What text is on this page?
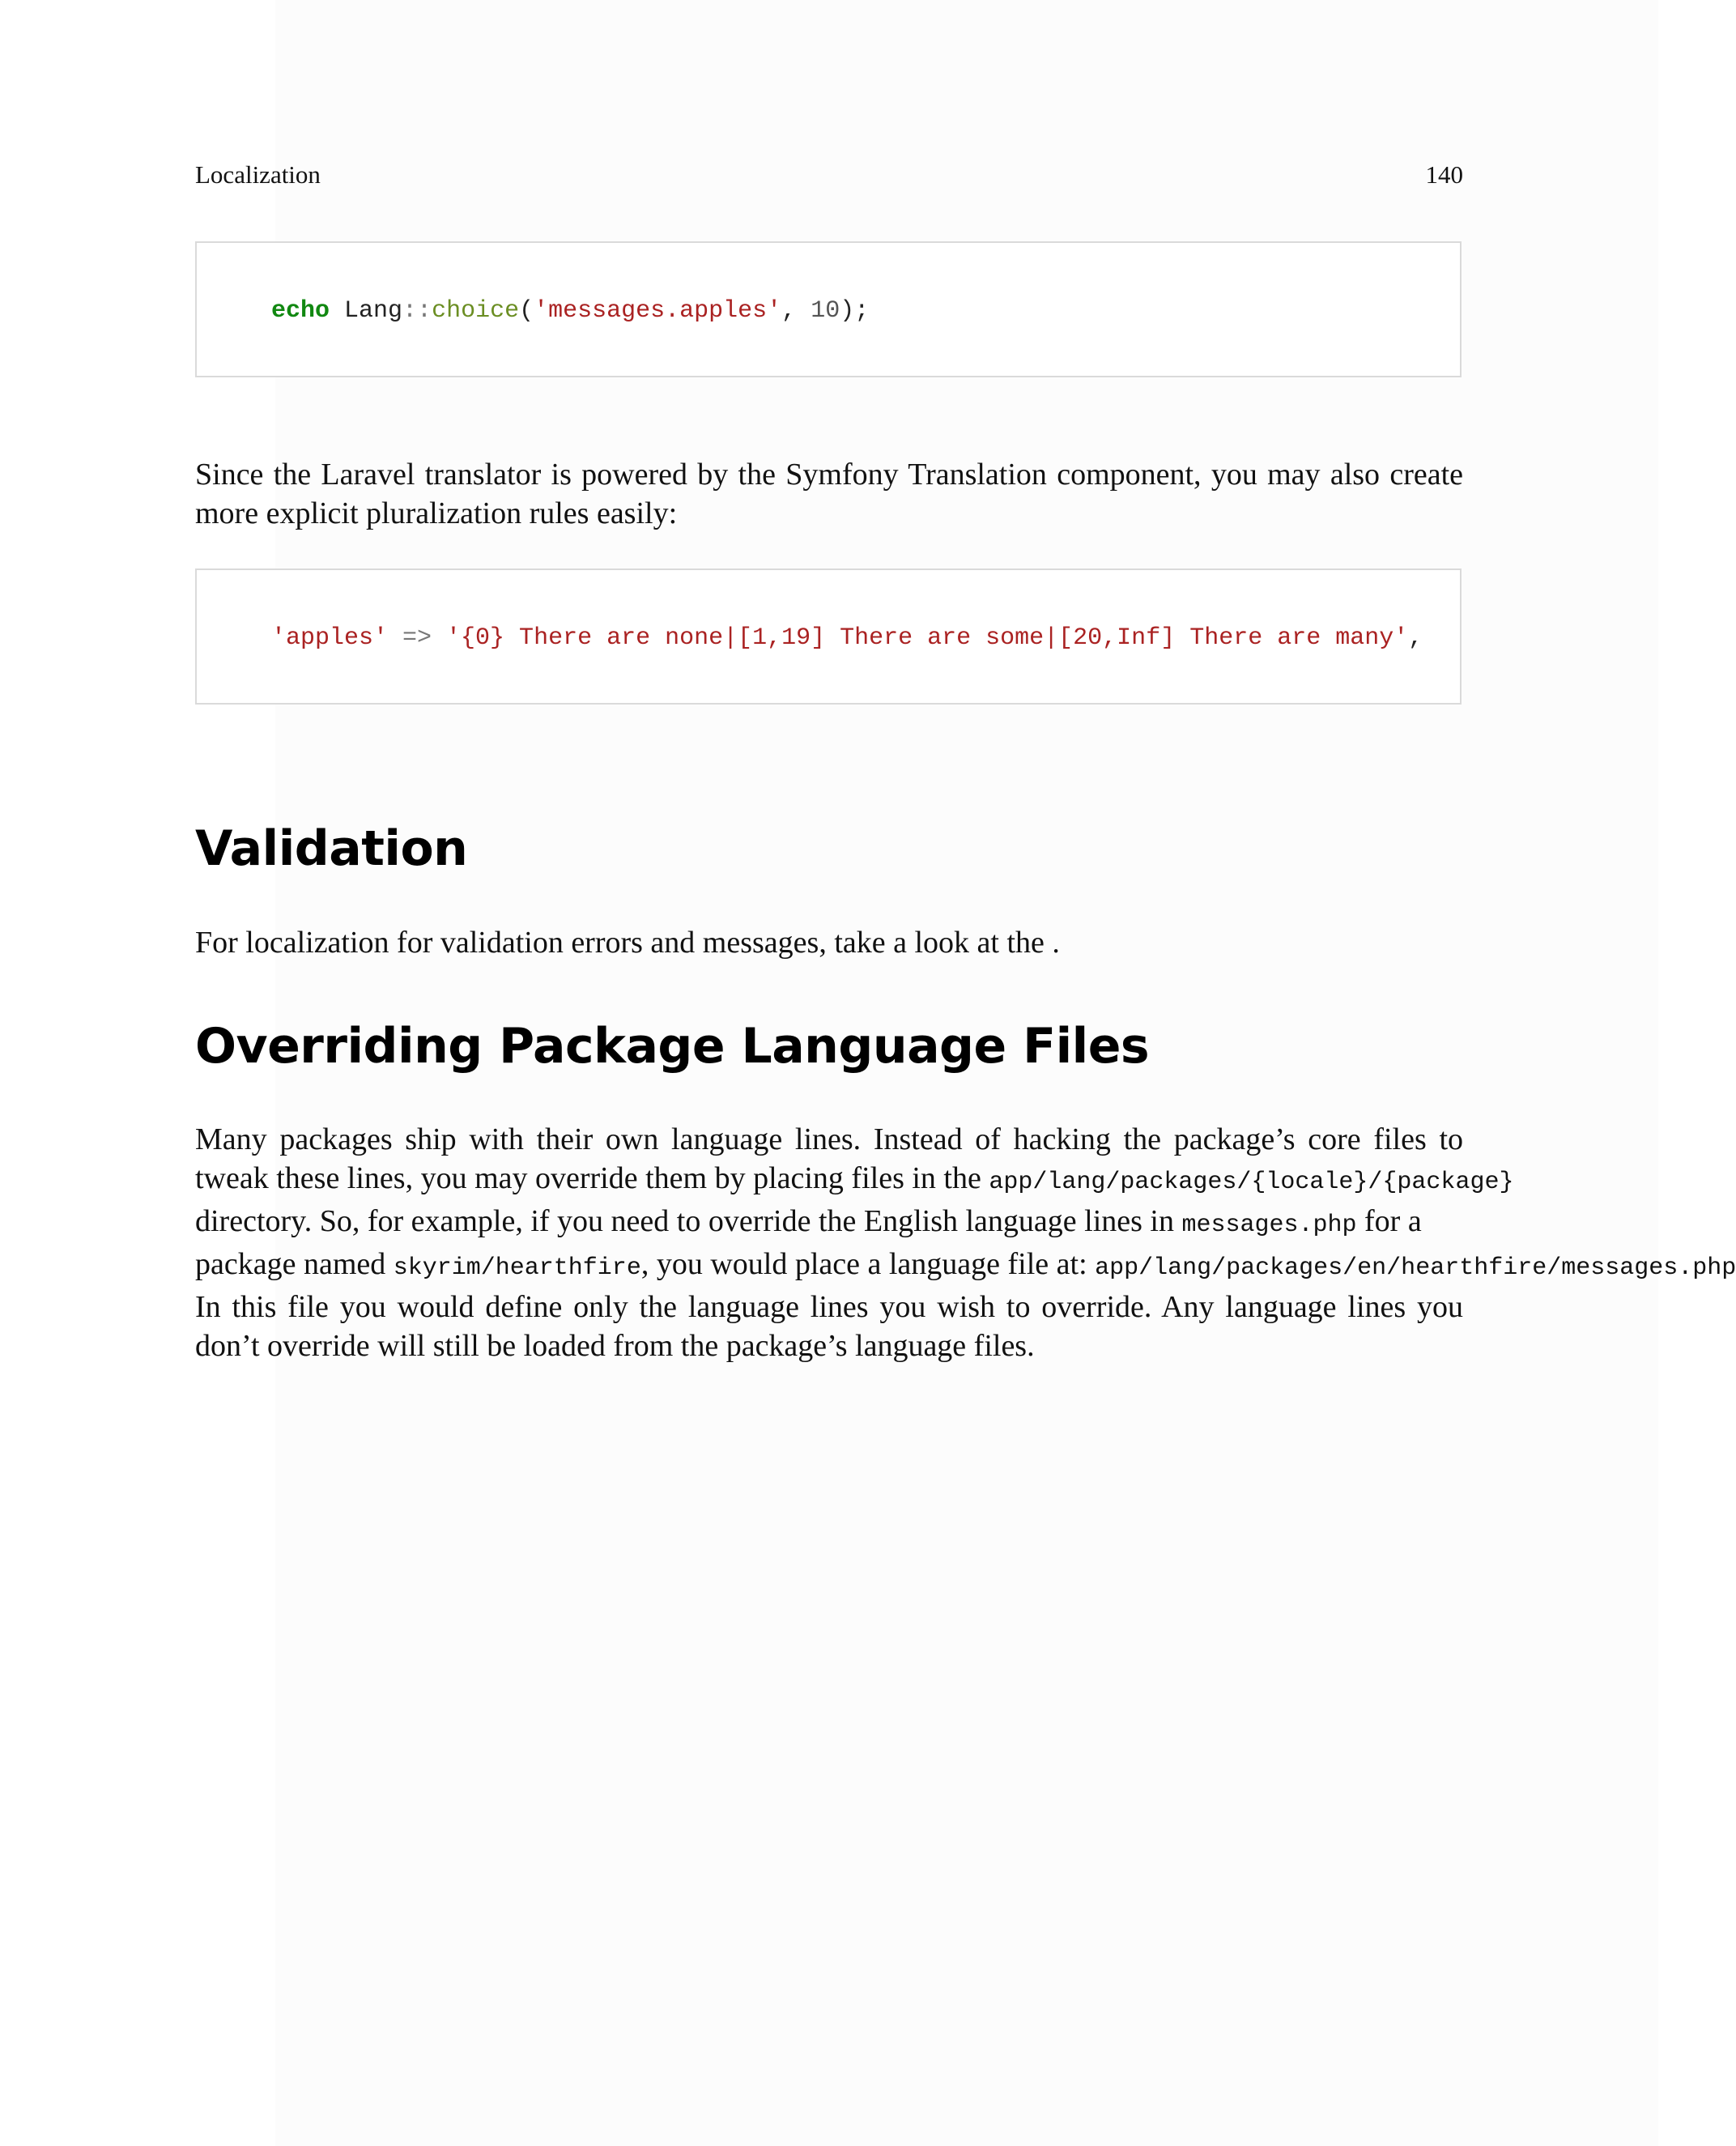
Localization	140
echo Lang::choice('messages.apples', 10);
Since the Laravel translator is powered by the Symfony Translation component, you may also create
more explicit pluralization rules easily:
'apples' => '{0} There are none|[1,19] There are some|[20,Inf] There are many',
Validation
For localization for validation errors and messages, take a look at the .
Overriding Package Language Files
Many packages ship with their own language lines. Instead of hacking the package’s core files to
tweak these lines, you may override them by placing files in the app/lang/packages/{locale}/{package}
directory. So, for example, if you need to override the English language lines in messages.php for a
package named skyrim/hearthfire, you would place a language file at: app/lang/packages/en/hearthfire/messages.php
In this file you would define only the language lines you wish to override. Any language lines you
don’t override will still be loaded from the package’s language files.
